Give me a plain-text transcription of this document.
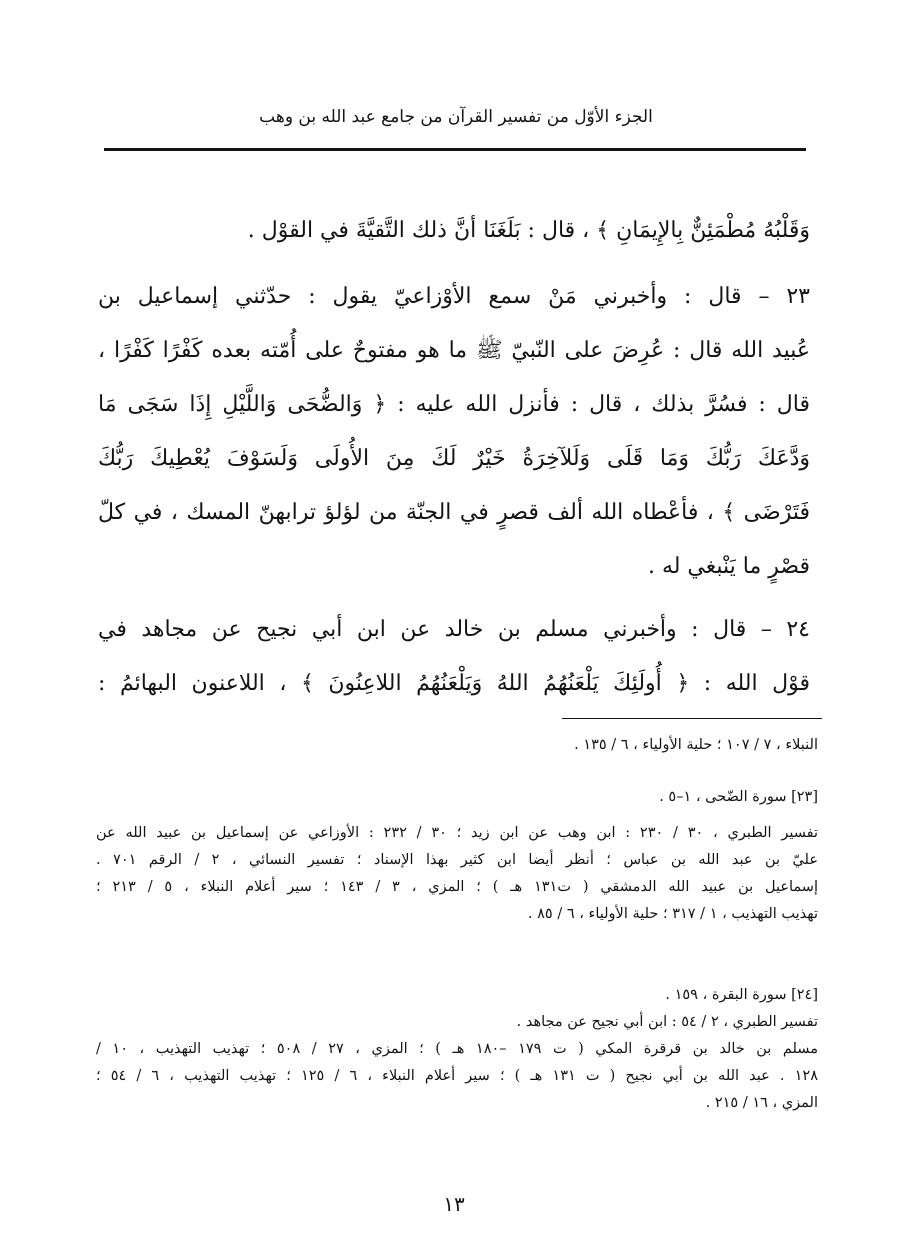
الجزء الأوّل من تفسير القرآن من جامع عبد الله بن وهب
وَقَلْبُهُ مُطْمَئِنٌّ بِالإِيمَانِ ﴾ ، قال : بَلَغَنَا أنَّ ذلك التَّقيَّةَ في القوْل .
٢٣ – قال : وأخبرني مَنْ سمع الأوْزاعيّ يقول : حدّثني إسماعيل بن
عُبيد الله قال : عُرِضَ على النّبيّ ﷺ ما هو مفتوحٌ على أُمّته بعده كَفْرًا كَفْرًا ،
قال : فسُرَّ بذلك ، قال : فأنزل الله عليه : ﴿ وَالضُّحَى وَاللَّيْلِ إِذَا سَجَى مَا
وَدَّعَكَ رَبُّكَ وَمَا قَلَى وَلَلآخِرَةُ خَيْرٌ لَكَ مِنَ الأُولَى وَلَسَوْفَ يُعْطِيكَ رَبُّكَ
فَتَرْضَى ﴾ ، فأعْطاه الله ألف قصرٍ في الجنّة من لؤلؤ ترابهنّ المسك ، في كلّ
قصْرٍ ما يَنْبغي له .
٢٤ – قال : وأخبرني مسلم بن خالد عن ابن أبي نجيح عن مجاهد في
قوْل الله : ﴿ أُولَئِكَ يَلْعَنُهُمُ اللهُ وَيَلْعَنُهُمُ اللاعِنُونَ ﴾ ، اللاعنون البهائمُ :
النبلاء ، ٧ / ١٠٧ ؛ حلية الأولياء ، ٦ / ١٣٥ .
[٢٣] سورة الضّحى ، ١–٥ .
تفسير الطبري ، ٣٠ / ٢٣٠ : ابن وهب عن ابن زيد ؛ ٣٠ / ٢٣٢ : الأوزاعي عن إسماعيل بن عبيد الله عن
عليّ بن عبد الله بن عباس ؛ أنظر أيضا ابن كثير بهذا الإسناد ؛ تفسير النسائي ، ٢ / الرقم ٧٠١ .
إسماعيل بن عبيد الله الدمشقي ( ت١٣١ هـ ) ؛ المزي ، ٣ / ١٤٣ ؛ سير أعلام النبلاء ، ٥ / ٢١٣ ؛
تهذيب التهذيب ، ١ / ٣١٧ ؛ حلية الأولياء ، ٦ / ٨٥ .
[٢٤] سورة البقرة ، ١٥٩ .
تفسير الطبري ، ٢ / ٥٤ : ابن أبي نجيح عن مجاهد .
مسلم بن خالد بن قرقرة المكي ( ت ١٧٩ –١٨٠ هـ ) ؛ المزي ، ٢٧ / ٥٠٨ ؛ تهذيب التهذيب ، ١٠ /
١٢٨ . عبد الله بن أبي نجيح ( ت ١٣١ هـ ) ؛ سير أعلام النبلاء ، ٦ / ١٢٥ ؛ تهذيب التهذيب ، ٦ / ٥٤ ؛
المزي ، ١٦ / ٢١٥ .
١٣
